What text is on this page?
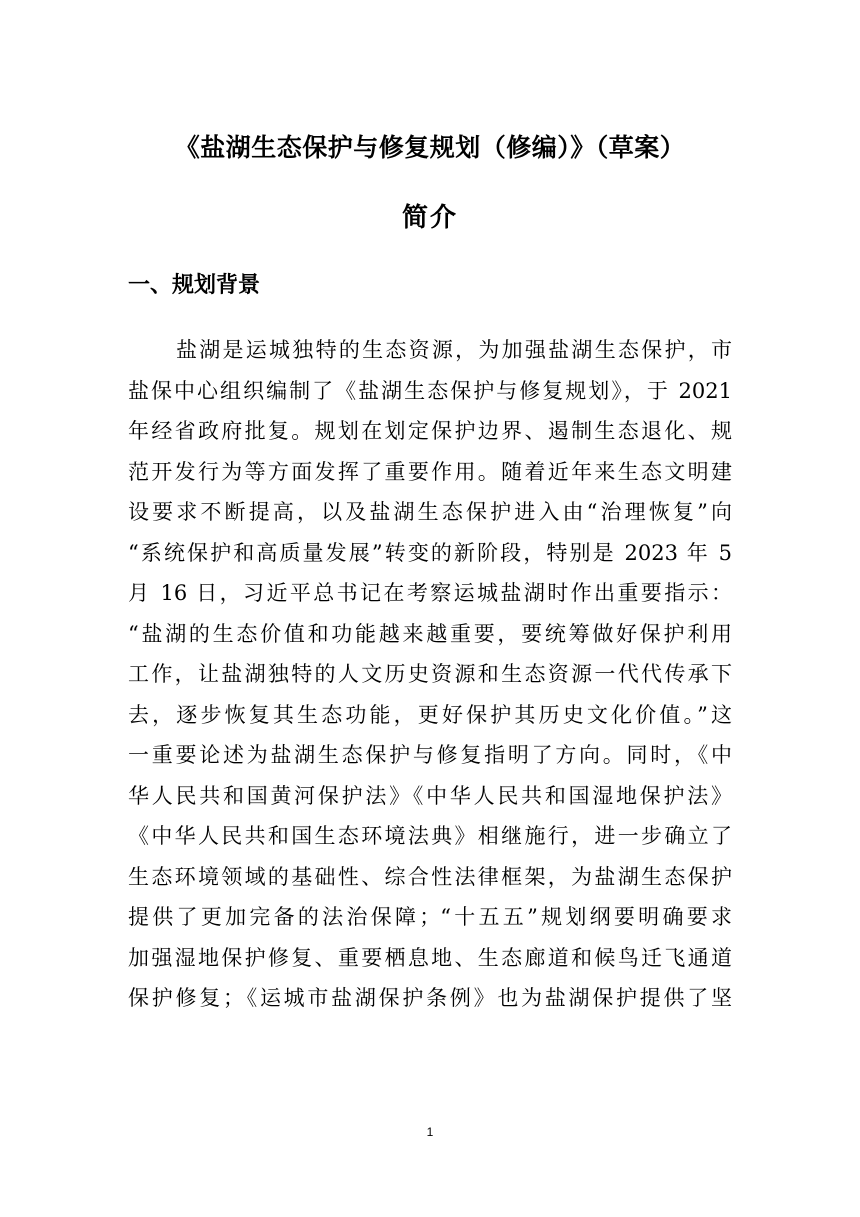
《盐湖生态保护与修复规划（修编）》（草案）
简介
一、规划背景
盐湖是运城独特的生态资源，为加强盐湖生态保护，市
盐保中心组织编制了《盐湖生态保护与修复规划》，于 2021
年经省政府批复。规划在划定保护边界、遏制生态退化、规
范开发行为等方面发挥了重要作用。随着近年来生态文明建
设要求不断提高，以及盐湖生态保护进入由“治理恢复”向
“系统保护和高质量发展”转变的新阶段，特别是 2023 年 5
月 16 日，习近平总书记在考察运城盐湖时作出重要指示：
“盐湖的生态价值和功能越来越重要，要统筹做好保护利用
工作，让盐湖独特的人文历史资源和生态资源一代代传承下
去，逐步恢复其生态功能，更好保护其历史文化价值。”这
一重要论述为盐湖生态保护与修复指明了方向。同时，《中
华人民共和国黄河保护法》《中华人民共和国湿地保护法》
《中华人民共和国生态环境法典》相继施行，进一步确立了
生态环境领域的基础性、综合性法律框架，为盐湖生态保护
提供了更加完备的法治保障；“十五五”规划纲要明确要求
加强湿地保护修复、重要栖息地、生态廊道和候鸟迁飞通道
保护修复；《运城市盐湖保护条例》也为盐湖保护提供了坚
1
